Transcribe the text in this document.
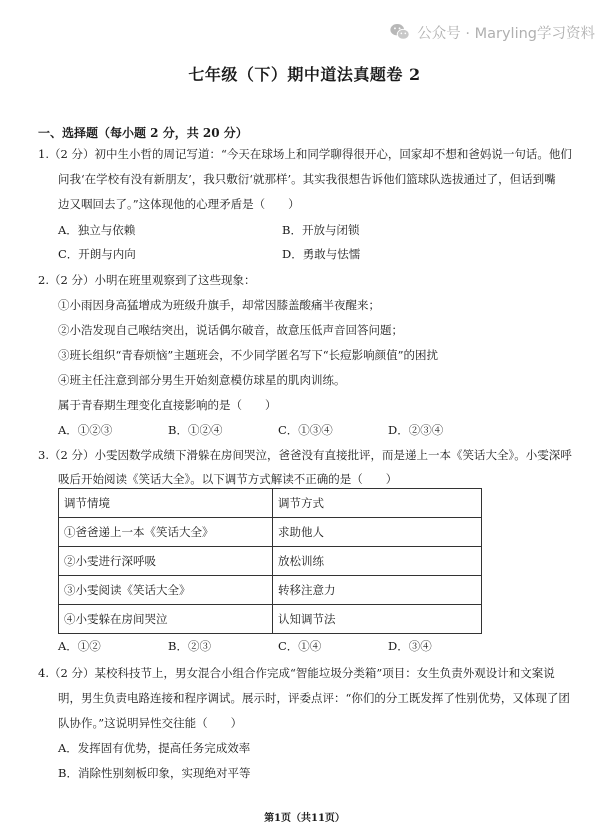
公众号 · Maryling学习资料
七年级（下）期中道法真题卷 2
一、选择题（每小题 2 分，共 20 分）
1.（2 分）初中生小哲的周记写道：“今天在球场上和同学聊得很开心，回家却不想和爸妈说一句话。他们
问我‘在学校有没有新朋友’，我只敷衍‘就那样’。其实我很想告诉他们篮球队选拔通过了，但话到嘴
边又咽回去了。”这体现他的心理矛盾是（　　）
A．独立与依赖	B．开放与闭锁
C．开朗与内向	D．勇敢与怯懦
2.（2 分）小明在班里观察到了这些现象：
①小雨因身高猛增成为班级升旗手，却常因膝盖酸痛半夜醒来；
②小浩发现自己喉结突出，说话偶尔破音，故意压低声音回答问题；
③班长组织“青春烦恼”主题班会，不少同学匿名写下“长痘影响颜值”的困扰
④班主任注意到部分男生开始刻意模仿球星的肌肉训练。
属于青春期生理变化直接影响的是（　　）
A．①②③	B．①②④	C．①③④	D．②③④
3.（2 分）小雯因数学成绩下滑躲在房间哭泣，爸爸没有直接批评，而是递上一本《笑话大全》。小雯深呼
吸后开始阅读《笑话大全》。以下调节方式解读不正确的是（　　）
调节情境	调节方式
①爸爸递上一本《笑话大全》	求助他人
②小雯进行深呼吸	放松训练
③小雯阅读《笑话大全》	转移注意力
④小雯躲在房间哭泣	认知调节法
A．①②	B．②③	C．①④	D．③④
4.（2 分）某校科技节上，男女混合小组合作完成“智能垃圾分类箱”项目：女生负责外观设计和文案说
明，男生负责电路连接和程序调试。展示时，评委点评：“你们的分工既发挥了性别优势，又体现了团
队协作。”这说明异性交往能（　　）
A．发挥固有优势，提高任务完成效率
B．消除性别刻板印象，实现绝对平等
第1页（共11页）
